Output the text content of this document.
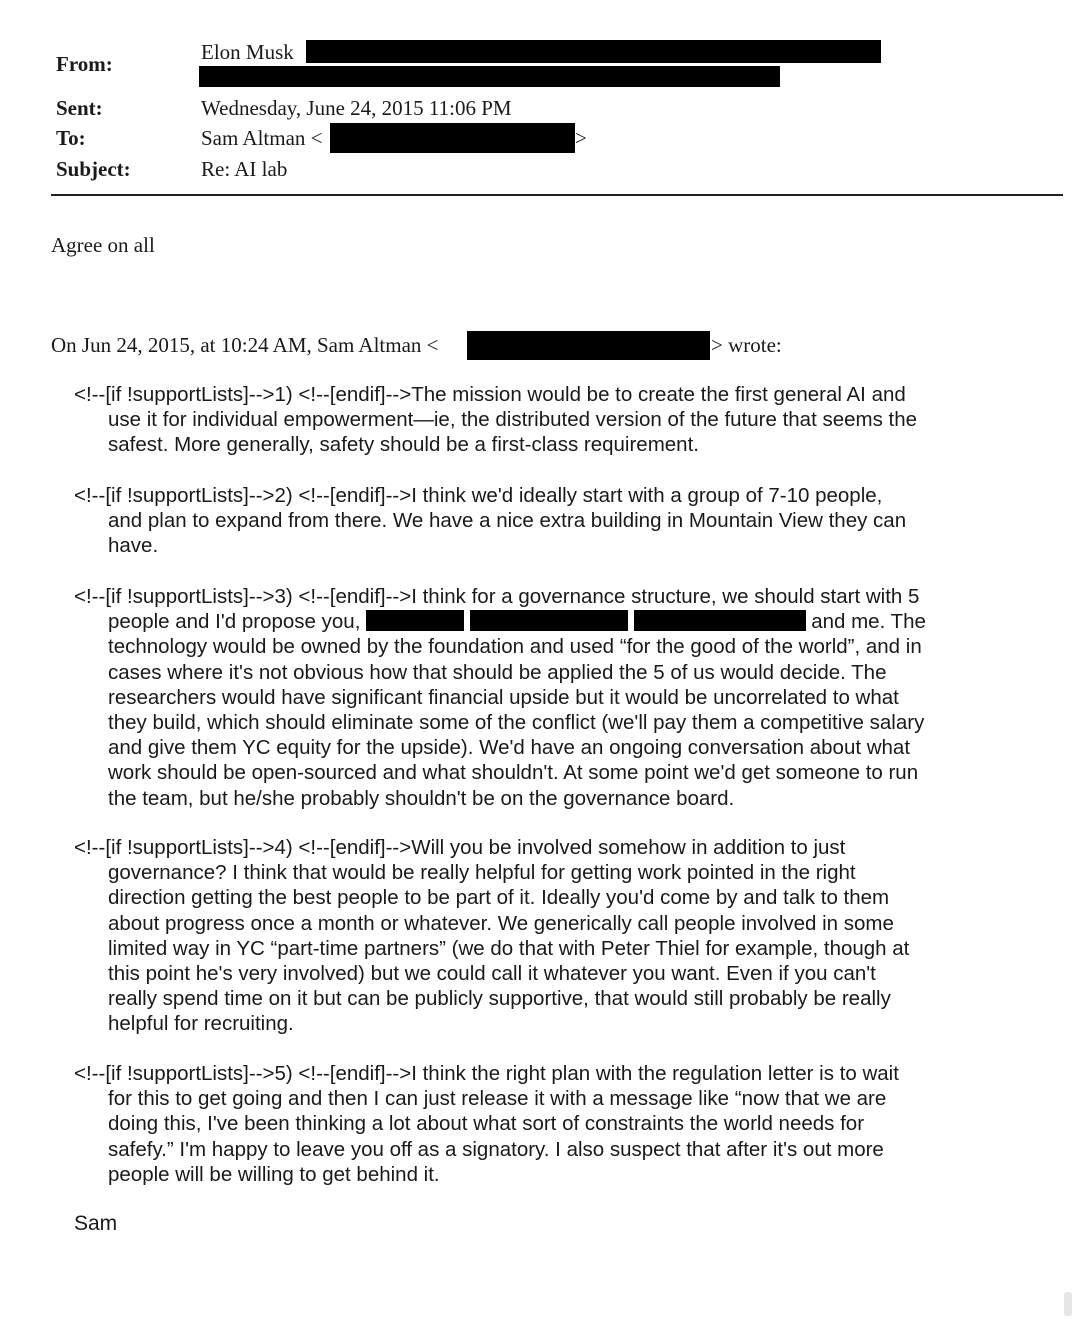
From:	Elon Musk
Sent:	Wednesday, June 24, 2015 11:06 PM
To:	Sam Altman <	>
Subject:	Re: AI lab
Agree on all
On Jun 24, 2015, at 10:24 AM, Sam Altman <	> wrote:
<!--[if !supportLists]-->1) <!--[endif]-->The mission would be to create the first general AI and
use it for individual empowerment—ie, the distributed version of the future that seems the
safest. More generally, safety should be a first-class requirement.
<!--[if !supportLists]-->2) <!--[endif]-->I think we'd ideally start with a group of 7-10 people,
and plan to expand from there. We have a nice extra building in Mountain View they can
have.
<!--[if !supportLists]-->3) <!--[endif]-->I think for a governance structure, we should start with 5
people and I'd propose you,	and me. The
technology would be owned by the foundation and used “for the good of the world”, and in
cases where it's not obvious how that should be applied the 5 of us would decide. The
researchers would have significant financial upside but it would be uncorrelated to what
they build, which should eliminate some of the conflict (we'll pay them a competitive salary
and give them YC equity for the upside). We'd have an ongoing conversation about what
work should be open-sourced and what shouldn't. At some point we'd get someone to run
the team, but he/she probably shouldn't be on the governance board.
<!--[if !supportLists]-->4) <!--[endif]-->Will you be involved somehow in addition to just
governance? I think that would be really helpful for getting work pointed in the right
direction getting the best people to be part of it. Ideally you'd come by and talk to them
about progress once a month or whatever. We generically call people involved in some
limited way in YC “part-time partners” (we do that with Peter Thiel for example, though at
this point he's very involved) but we could call it whatever you want. Even if you can't
really spend time on it but can be publicly supportive, that would still probably be really
helpful for recruiting.
<!--[if !supportLists]-->5) <!--[endif]-->I think the right plan with the regulation letter is to wait
for this to get going and then I can just release it with a message like “now that we are
doing this, I've been thinking a lot about what sort of constraints the world needs for
safefy.” I'm happy to leave you off as a signatory. I also suspect that after it's out more
people will be willing to get behind it.
Sam
